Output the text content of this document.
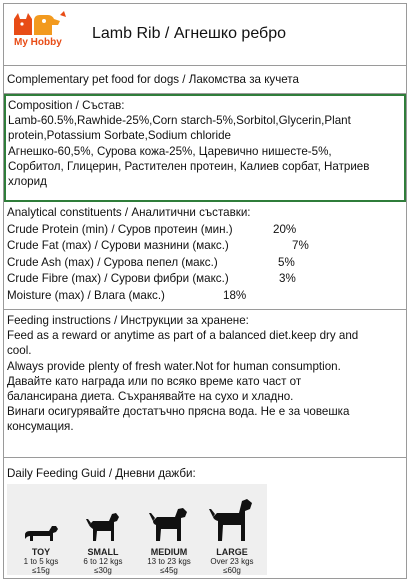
My Hobby
Lamb Rib / Агнешко ребро
Complementary pet food for dogs / Лакомства за кучета
Composition / Състав:
Lamb-60.5%,Rawhide-25%,Corn starch-5%,Sorbitol,Glycerin,Plant
protein,Potassium Sorbate,Sodium chloride
Агнешко-60,5%, Сурова кожа-25%, Царевично нишесте-5%,
Сорбитол, Глицерин, Растителен протеин, Калиев сорбат, Натриев
хлорид
Analytical constituents / Аналитични съставки:
Crude Protein (min) / Суров протеин (мин.)	20%
Crude Fat (max) / Сурови мазнини (макс.)	7%
Crude Ash (max) / Сурова пепел (макс.)	5%
Crude Fibre (max) / Сурови фибри (макс.)	3%
Moisture (max) / Влага (макс.)	18%
Feeding instructions / Инструкции за хранене:
Feed as a reward or anytime as part of a balanced diet.keep dry and
cool.
Always provide plenty of fresh water.Not for human consumption.
Давайте като награда или по всяко време като част от
балансирана диета. Съхранявайте на сухо и хладно.
Винаги осигурявайте достатъчно прясна вода. Не е за човешка
консумация.
Daily Feeding Guid / Дневни дажби:
TOY
1 to 5 kgs
≤15g
SMALL
6 to 12 kgs
≤30g
MEDIUM
13 to 23 kgs
≤45g
LARGE
Over 23 kgs
≤60g
